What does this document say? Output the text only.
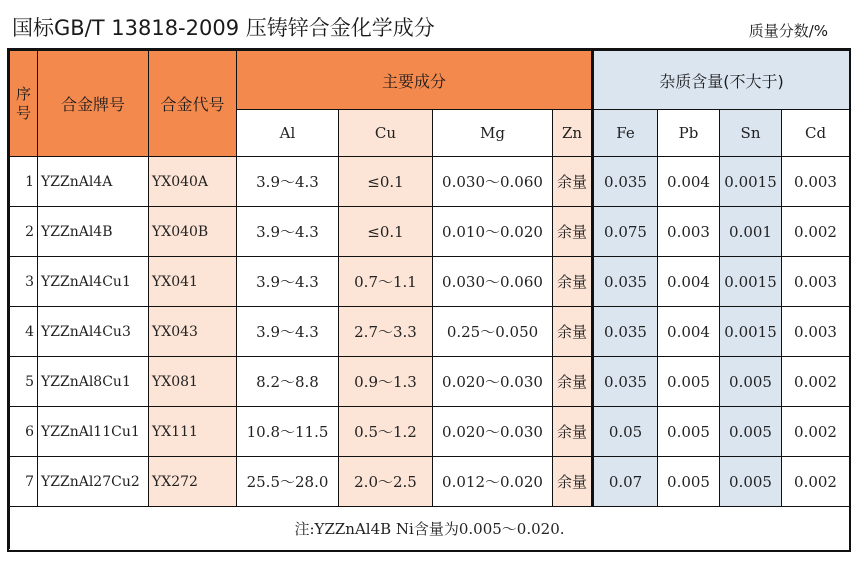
国标GB/T 13818-2009 压铸锌合金化学成分	质量分数/%
序号	合金牌号	合金代号	主要成分				杂质含量(不大于)			
			Al	Cu	Mg	Zn	Fe	Pb	Sn	Cd
1	YZZnAl4A	YX040A	3.9～4.3	≤0.1	0.030～0.060	余量	0.035	0.004	0.0015	0.003
2	YZZnAl4B	YX040B	3.9～4.3	≤0.1	0.010～0.020	余量	0.075	0.003	0.001	0.002
3	YZZnAl4Cu1	YX041	3.9～4.3	0.7～1.1	0.030～0.060	余量	0.035	0.004	0.0015	0.003
4	YZZnAl4Cu3	YX043	3.9～4.3	2.7～3.3	0.25～0.050	余量	0.035	0.004	0.0015	0.003
5	YZZnAl8Cu1	YX081	8.2～8.8	0.9～1.3	0.020～0.030	余量	0.035	0.005	0.005	0.002
6	YZZnAl11Cu1	YX111	10.8～11.5	0.5～1.2	0.020～0.030	余量	0.05	0.005	0.005	0.002
7	YZZnAl27Cu2	YX272	25.5～28.0	2.0～2.5	0.012～0.020	余量	0.07	0.005	0.005	0.002
注:YZZnAl4B Ni含量为0.005～0.020.										
